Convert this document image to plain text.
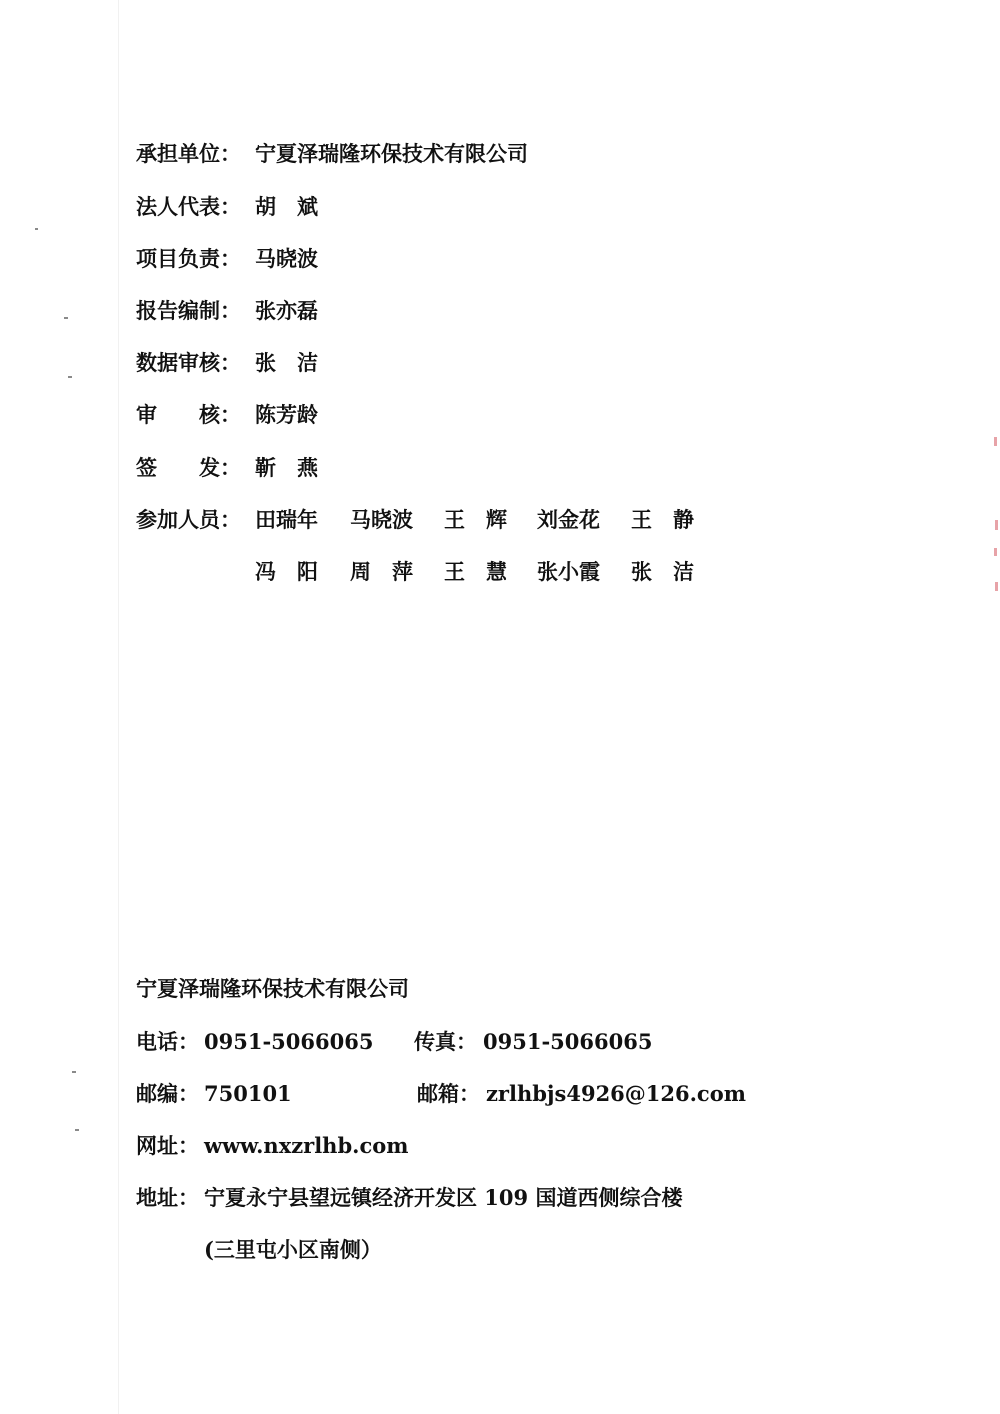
承担单位： 宁夏泽瑞隆环保技术有限公司
法人代表： 胡　斌
项目负责： 马晓波
报告编制： 张亦磊
数据审核： 张　洁
审　　核： 陈芳龄
签　　发： 靳　燕
参加人员： 田瑞年 马晓波 王　辉 刘金花 王　静
冯　阳 周　萍 王　慧 张小霞 张　洁
宁夏泽瑞隆环保技术有限公司
电话： 0951-5066065 传真： 0951-5066065
邮编： 750101	邮箱： zrlhbjs4926@126.com
网址： www.nxzrlhb.com
地址： 宁夏永宁县望远镇经济开发区 109 国道西侧综合楼
(三里屯小区南侧）
